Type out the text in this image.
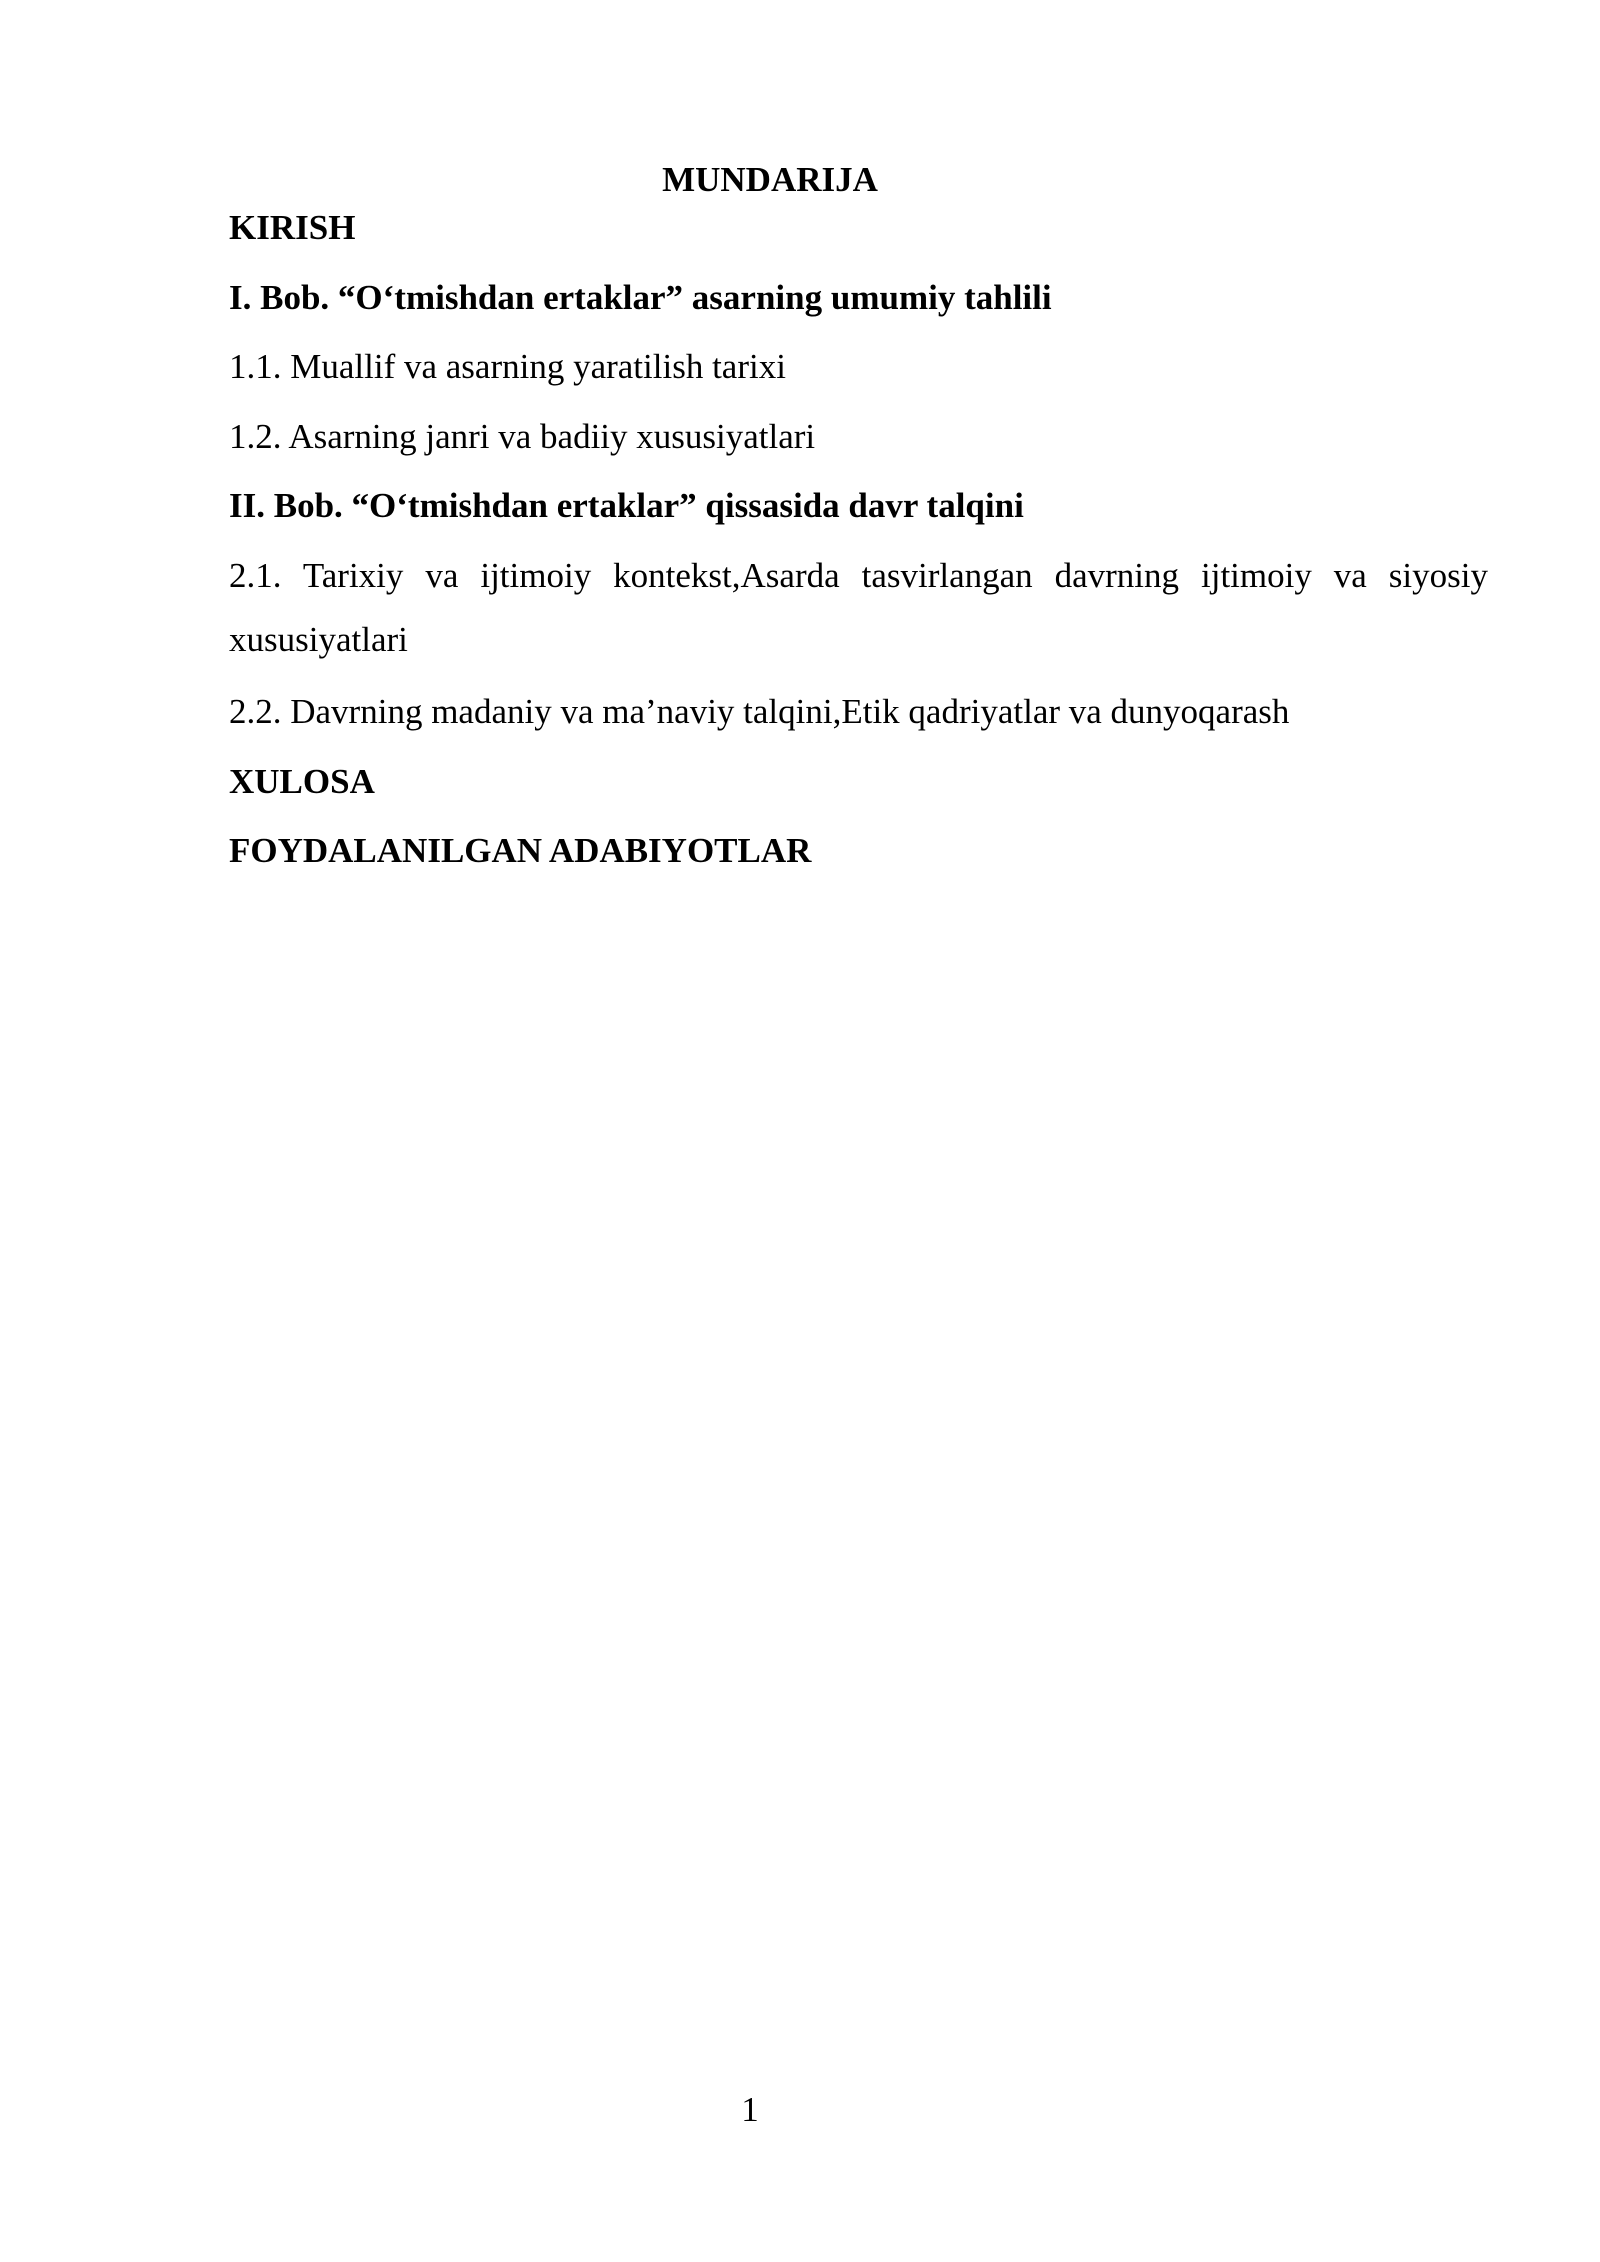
MUNDARIJA
KIRISH
I. Bob. “O‘tmishdan ertaklar” asarning umumiy tahlili
1.1. Muallif va asarning yaratilish tarixi
1.2. Asarning janri va badiiy xususiyatlari
II. Bob. “O‘tmishdan ertaklar” qissasida davr talqini
2.1. Tarixiy va ijtimoiy kontekst,Asarda tasvirlangan davrning ijtimoiy va siyosiy xususiyatlari
2.2. Davrning madaniy va ma’naviy talqini,Etik qadriyatlar va dunyoqarash
XULOSA
FOYDALANILGAN ADABIYOTLAR

1
